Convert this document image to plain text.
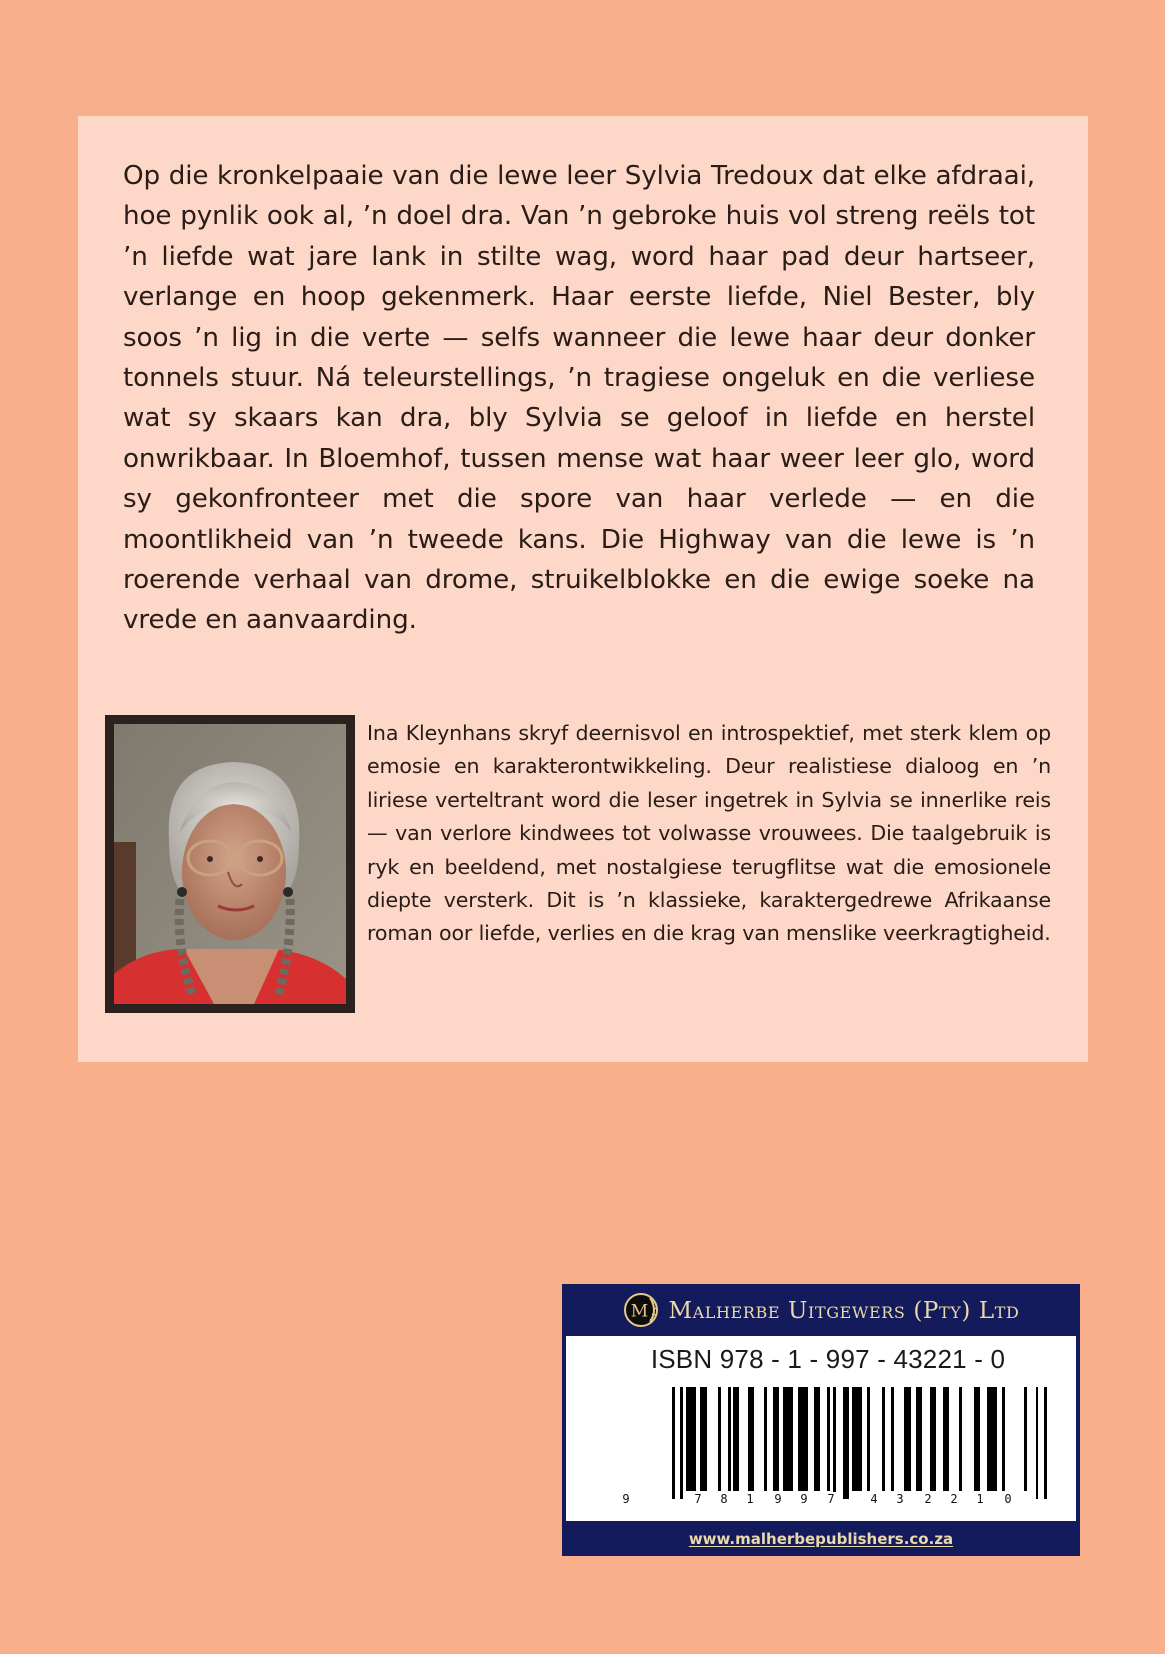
Op die kronkelpaaie van die lewe leer Sylvia Tredoux dat elke afdraai, hoe pynlik ook al, ’n doel dra. Van ’n gebroke huis vol streng reëls tot ’n liefde wat jare lank in stilte wag, word haar pad deur hartseer, verlange en hoop gekenmerk. Haar eerste liefde, Niel Bester, bly soos ’n lig in die verte — selfs wanneer die lewe haar deur donker tonnels stuur. Ná teleurstellings, ’n tragiese ongeluk en die verliese wat sy skaars kan dra, bly Sylvia se geloof in liefde en herstel onwrikbaar. In Bloemhof, tussen mense wat haar weer leer glo, word sy gekonfronteer met die spore van haar verlede — en die moontlikheid van ’n tweede kans. Die Highway van die lewe is ’n roerende verhaal van drome, struikelblokke en die ewige soeke na vrede en aanvaarding.

Ina Kleynhans skryf deernisvol en introspektief, met sterk klem op emosie en karakterontwikkeling. Deur realistiese dialoog en ’n liriese verteltrant word die leser ingetrek in Sylvia se innerlike reis — van verlore kindwees tot volwasse vrouwees. Die taalgebruik is ryk en beeldend, met nostalgiese terugflitse wat die emosionele diepte versterk. Dit is ’n klassieke, karaktergedrewe Afrikaanse roman oor liefde, verlies en die krag van menslike veerkragtigheid.

M Malherbe Uitgewers (Pty) Ltd
ISBN 978 - 1 - 997 - 43221 - 0
9	7 8 1 9 9 7	4 3 2 2 1 0
www.malherbepublishers.co.za
